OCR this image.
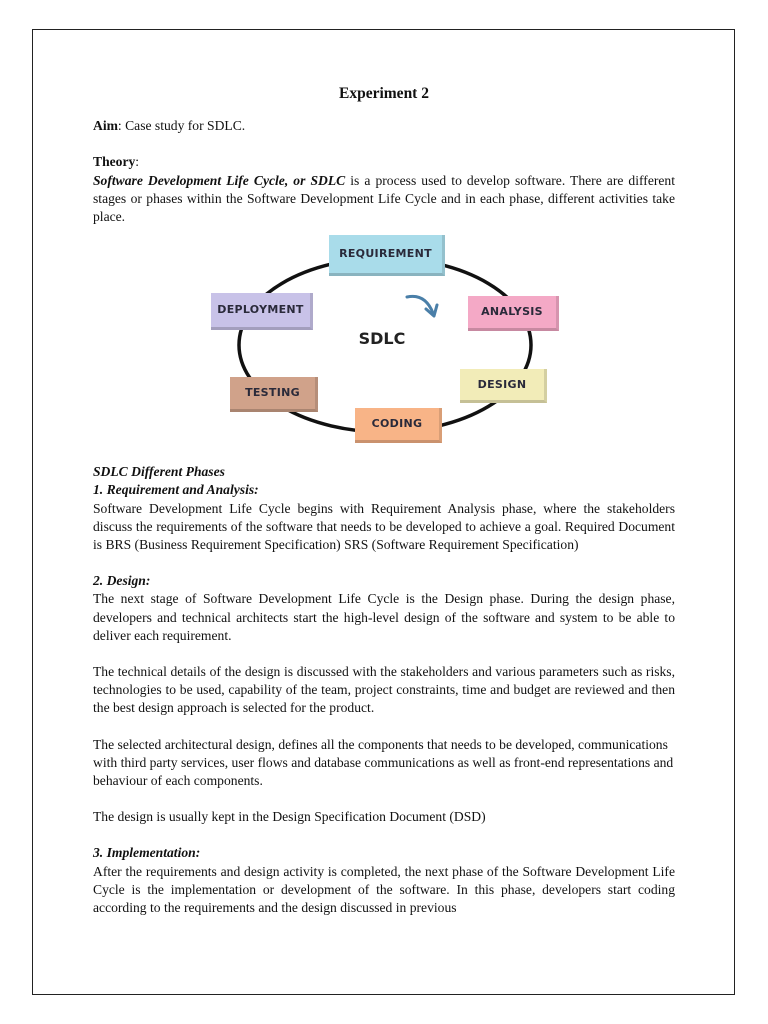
Experiment 2

Aim: Case study for SDLC.

Theory:

Software Development Life Cycle, or SDLC is a process used to develop software. There are different stages or phases within the Software Development Life Cycle and in each phase, different activities take place.

REQUIREMENT
ANALYSIS
DESIGN
CODING
TESTING
DEPLOYMENT
SDLC

SDLC Different Phases

1. Requirement and Analysis:

Software Development Life Cycle begins with Requirement Analysis phase, where the stakeholders discuss the requirements of the software that needs to be developed to achieve a goal. Required Document is BRS (Business Requirement Specification) SRS (Software Requirement Specification)

2. Design:

The next stage of Software Development Life Cycle is the Design phase. During the design phase, developers and technical architects start the high-level design of the software and system to be able to deliver each requirement.

The technical details of the design is discussed with the stakeholders and various parameters such as risks, technologies to be used, capability of the team, project constraints, time and budget are reviewed and then the best design approach is selected for the product.

The selected architectural design, defines all the components that needs to be developed, communications with third party services, user flows and database communications as well as front-end representations and behaviour of each components.

The design is usually kept in the Design Specification Document (DSD)

3. Implementation:

After the requirements and design activity is completed, the next phase of the Software Development Life Cycle is the implementation or development of the software. In this phase, developers start coding according to the requirements and the design discussed in previous
